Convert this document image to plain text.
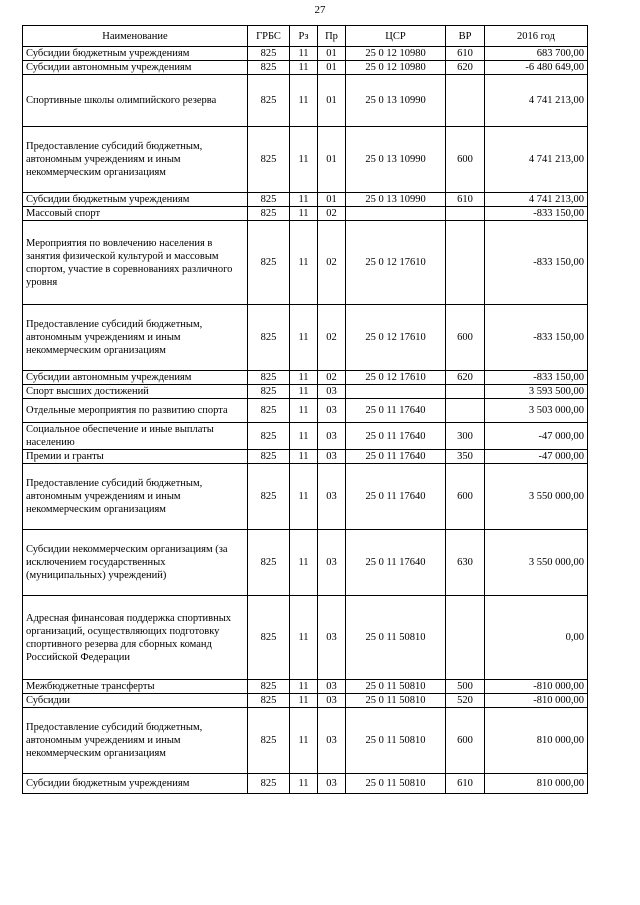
27
Наименование	ГРБС	Рз	Пр	ЦСР	ВР	2016 год
Субсидии бюджетным учреждениям	825	11	01	25 0 12 10980	610	683 700,00
Субсидии автономным учреждениям	825	11	01	25 0 12 10980	620	-6 480 649,00
Спортивные школы олимпийского резерва	825	11	01	25 0 13 10990		4 741 213,00
Предоставление субсидий бюджетным, автономным учреждениям и иным некоммерческим организациям	825	11	01	25 0 13 10990	600	4 741 213,00
Субсидии бюджетным учреждениям	825	11	01	25 0 13 10990	610	4 741 213,00
Массовый спорт	825	11	02			-833 150,00
Мероприятия по вовлечению населения в занятия физической культурой и массовым спортом, участие в соревнованиях различного уровня	825	11	02	25 0 12 17610		-833 150,00
Предоставление субсидий бюджетным, автономным учреждениям и иным некоммерческим организациям	825	11	02	25 0 12 17610	600	-833 150,00
Субсидии автономным учреждениям	825	11	02	25 0 12 17610	620	-833 150,00
Спорт высших достижений	825	11	03			3 593 500,00
Отдельные мероприятия по развитию спорта	825	11	03	25 0 11 17640		3 503 000,00
Социальное обеспечение и иные выплаты населению	825	11	03	25 0 11 17640	300	-47 000,00
Премии и гранты	825	11	03	25 0 11 17640	350	-47 000,00
Предоставление субсидий бюджетным, автономным учреждениям и иным некоммерческим организациям	825	11	03	25 0 11 17640	600	3 550 000,00
Субсидии некоммерческим организациям (за исключением государственных (муниципальных) учреждений)	825	11	03	25 0 11 17640	630	3 550 000,00
Адресная финансовая поддержка спортивных организаций, осуществляющих подготовку спортивного резерва для сборных команд Российской Федерации	825	11	03	25 0 11 50810		0,00
Межбюджетные трансферты	825	11	03	25 0 11 50810	500	-810 000,00
Субсидии	825	11	03	25 0 11 50810	520	-810 000,00
Предоставление субсидий бюджетным, автономным учреждениям и иным некоммерческим организациям	825	11	03	25 0 11 50810	600	810 000,00
Субсидии бюджетным учреждениям	825	11	03	25 0 11 50810	610	810 000,00
